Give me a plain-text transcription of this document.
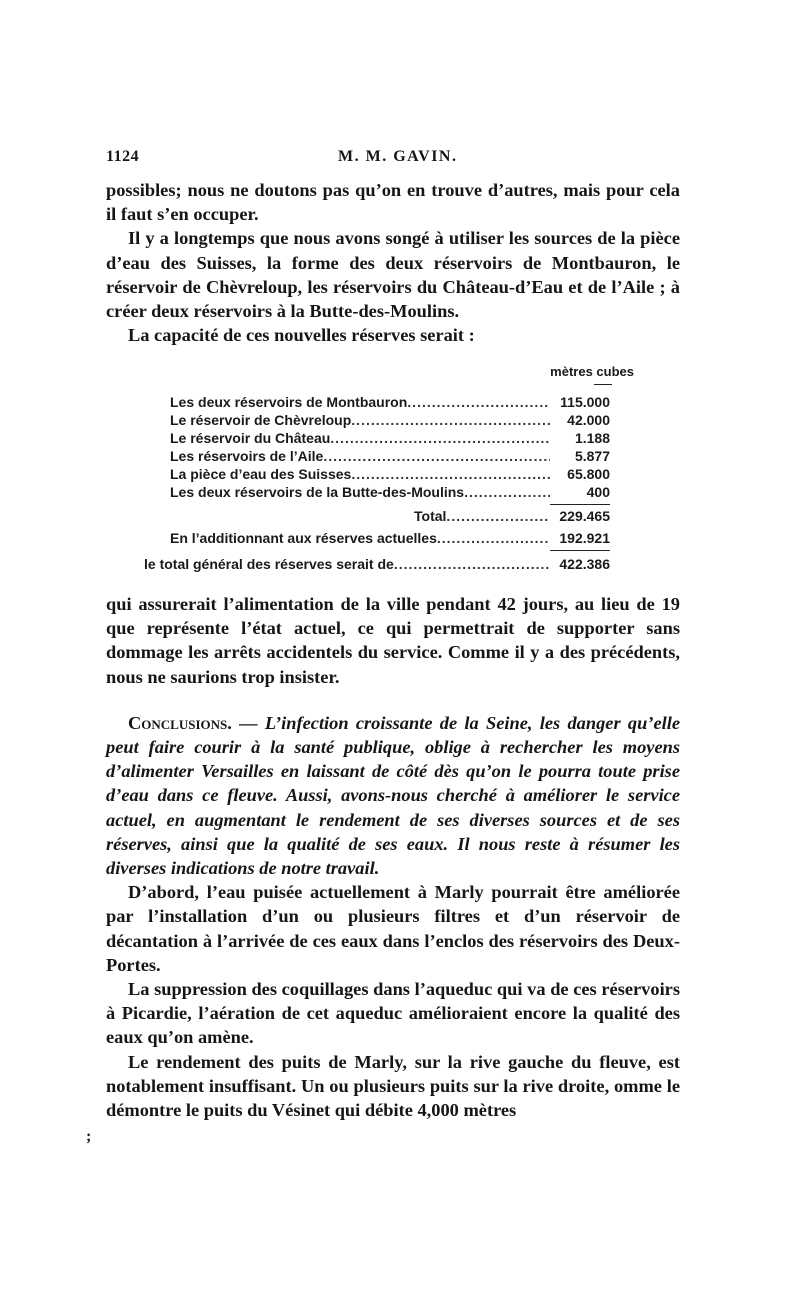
1124	M. M. GAVIN.

possibles; nous ne doutons pas qu’on en trouve d’autres, mais pour cela il faut s’en occuper.

Il y a longtemps que nous avons songé à utiliser les sources de la pièce d’eau des Suisses, la forme des deux réservoirs de Montbauron, le réservoir de Chèvreloup, les réservoirs du Château-d’Eau et de l’Aile ; à créer deux réservoirs à la Butte-des-Moulins.

La capacité de ces nouvelles réserves serait :

mètres cubes
Les deux réservoirs de Montbauron .....	115.000
Le réservoir de Chèvreloup .....	42.000
Le réservoir du Château .....	1.188
Les réservoirs de l’Aile .....	5.877
La pièce d’eau des Suisses .....	65.800
Les deux réservoirs de la Butte-des-Moulins .....	400
Total .....	229.465
En l’additionnant aux réserves actuelles .....	192.921
le total général des réserves serait de .....	422.386

qui assurerait l’alimentation de la ville pendant 42 jours, au lieu de 19 que représente l’état actuel, ce qui permettrait de supporter sans dommage les arrêts accidentels du service. Comme il y a des précédents, nous ne saurions trop insister.

Conclusions. — L’infection croissante de la Seine, les danger qu’elle peut faire courir à la santé publique, oblige à rechercher les moyens d’alimenter Versailles en laissant de côté dès qu’on le pourra toute prise d’eau dans ce fleuve. Aussi, avons-nous cherché à améliorer le service actuel, en augmentant le rendement de ses diverses sources et de ses réserves, ainsi que la qualité de ses eaux. Il nous reste à résumer les diverses indications de notre travail.

D’abord, l’eau puisée actuellement à Marly pourrait être améliorée par l’installation d’un ou plusieurs filtres et d’un réservoir de décantation à l’arrivée de ces eaux dans l’enclos des réservoirs des Deux-Portes.

La suppression des coquillages dans l’aqueduc qui va de ces réservoirs à Picardie, l’aération de cet aqueduc amélioraient encore la qualité des eaux qu’on amène.

Le rendement des puits de Marly, sur la rive gauche du fleuve, est notablement insuffisant. Un ou plusieurs puits sur la rive droite, omme le démontre le puits du Vésinet qui débite 4,000 mètres

;
